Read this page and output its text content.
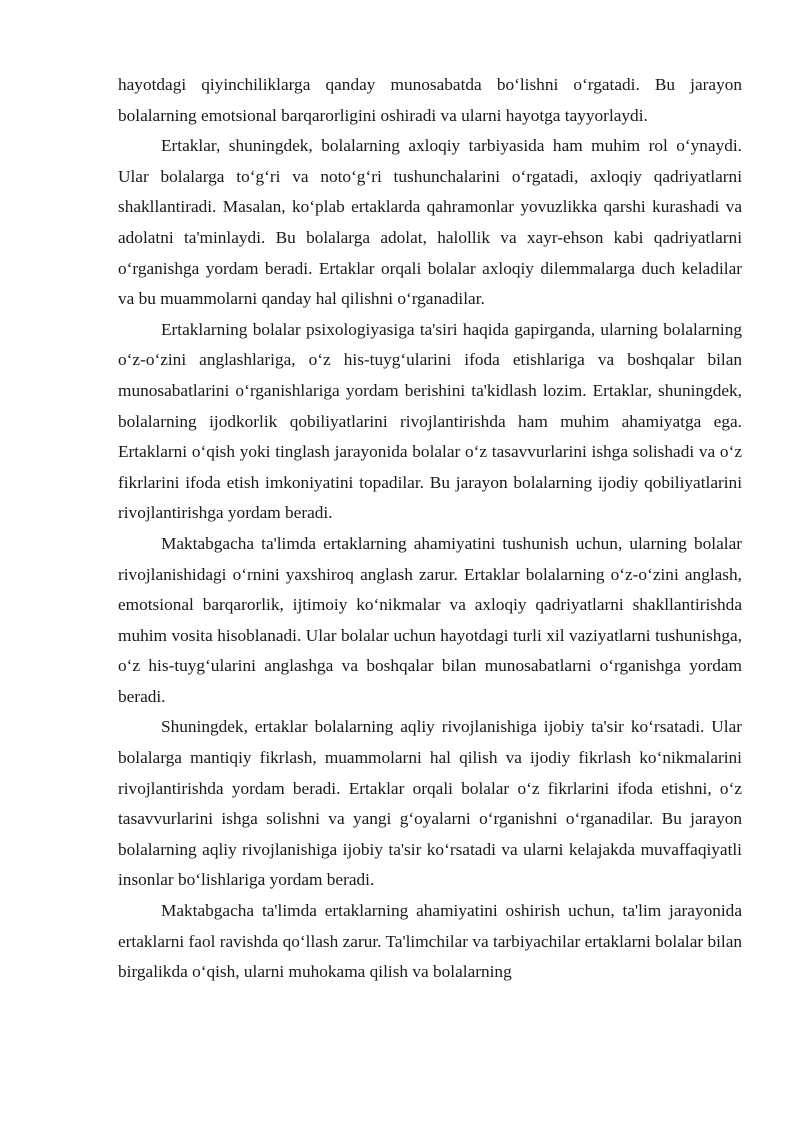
hayotdagi qiyinchiliklarga qanday munosabatda bo‘lishni o‘rgatadi. Bu jarayon bolalarning emotsional barqarorligini oshiradi va ularni hayotga tayyorlaydi.

Ertaklar, shuningdek, bolalarning axloqiy tarbiyasida ham muhim rol o‘ynaydi. Ular bolalarga to‘g‘ri va noto‘g‘ri tushunchalarini o‘rgatadi, axloqiy qadriyatlarni shakllantiradi. Masalan, ko‘plab ertaklarda qahramonlar yovuzlikka qarshi kurashadi va adolatni ta'minlaydi. Bu bolalarga adolat, halollik va xayr-ehson kabi qadriyatlarni o‘rganishga yordam beradi. Ertaklar orqali bolalar axloqiy dilemmalarga duch keladilar va bu muammolarni qanday hal qilishni o‘rganadilar.

Ertaklarning bolalar psixologiyasiga ta'siri haqida gapirganda, ularning bolalarning o‘z-o‘zini anglashlariga, o‘z his-tuyg‘ularini ifoda etishlariga va boshqalar bilan munosabatlarini o‘rganishlariga yordam berishini ta'kidlash lozim. Ertaklar, shuningdek, bolalarning ijodkorlik qobiliyatlarini rivojlantirishda ham muhim ahamiyatga ega. Ertaklarni o‘qish yoki tinglash jarayonida bolalar o‘z tasavvurlarini ishga solishadi va o‘z fikrlarini ifoda etish imkoniyatini topadilar. Bu jarayon bolalarning ijodiy qobiliyatlarini rivojlantirishga yordam beradi.

Maktabgacha ta'limda ertaklarning ahamiyatini tushunish uchun, ularning bolalar rivojlanishidagi o‘rnini yaxshiroq anglash zarur. Ertaklar bolalarning o‘z-o‘zini anglash, emotsional barqarorlik, ijtimoiy ko‘nikmalar va axloqiy qadriyatlarni shakllantirishda muhim vosita hisoblanadi. Ular bolalar uchun hayotdagi turli xil vaziyatlarni tushunishga, o‘z his-tuyg‘ularini anglashga va boshqalar bilan munosabatlarni o‘rganishga yordam beradi.

Shuningdek, ertaklar bolalarning aqliy rivojlanishiga ijobiy ta'sir ko‘rsatadi. Ular bolalarga mantiqiy fikrlash, muammolarni hal qilish va ijodiy fikrlash ko‘nikmalarini rivojlantirishda yordam beradi. Ertaklar orqali bolalar o‘z fikrlarini ifoda etishni, o‘z tasavvurlarini ishga solishni va yangi g‘oyalarni o‘rganishni o‘rganadilar. Bu jarayon bolalarning aqliy rivojlanishiga ijobiy ta'sir ko‘rsatadi va ularni kelajakda muvaffaqiyatli insonlar bo‘lishlariga yordam beradi.

Maktabgacha ta'limda ertaklarning ahamiyatini oshirish uchun, ta'lim jarayonida ertaklarni faol ravishda qo‘llash zarur. Ta'limchilar va tarbiyachilar ertaklarni bolalar bilan birgalikda o‘qish, ularni muhokama qilish va bolalarning
